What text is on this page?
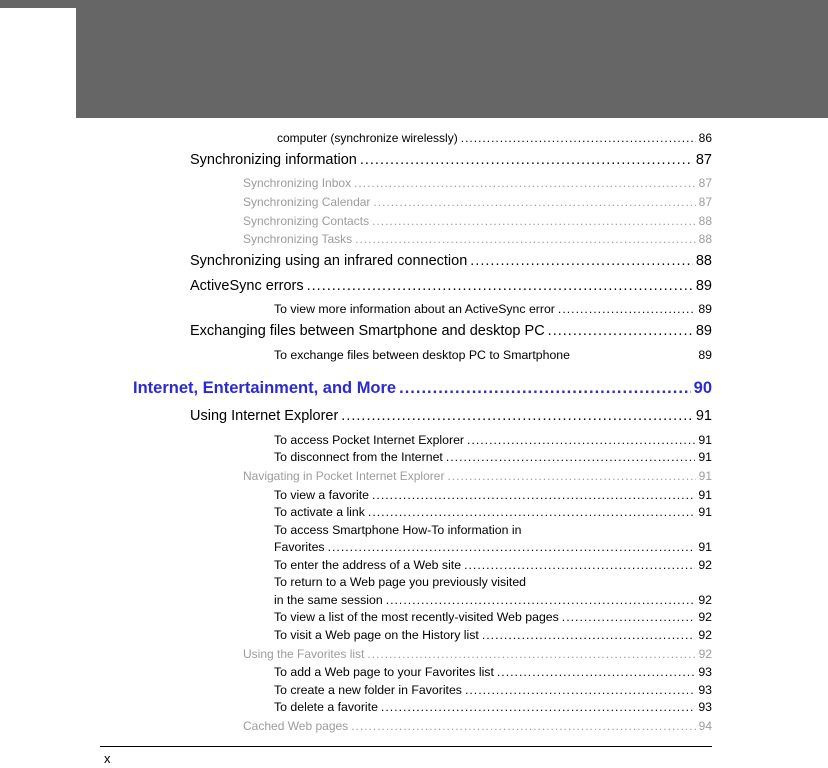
computer (synchronize wirelessly) .....	86
Synchronizing information .....	87
Synchronizing Inbox .....	87
Synchronizing Calendar .....	87
Synchronizing Contacts .....	88
Synchronizing Tasks .....	88
Synchronizing using an infrared connection .....	88
ActiveSync errors .....	89
To view more information about an ActiveSync error .....	89
Exchanging files between Smartphone and desktop PC .....	89
To exchange files between desktop PC to Smartphone	89
Internet, Entertainment, and More .....	90
Using Internet Explorer .....	91
To access Pocket Internet Explorer .....	91
To disconnect from the Internet .....	91
Navigating in Pocket Internet Explorer .....	91
To view a favorite .....	91
To activate a link .....	91
To access Smartphone How-To information in
Favorites .....	91
To enter the address of a Web site .....	92
To return to a Web page you previously visited
in the same session .....	92
To view a list of the most recently-visited Web pages .....	92
To visit a Web page on the History list .....	92
Using the Favorites list .....	92
To add a Web page to your Favorites list .....	93
To create a new folder in Favorites .....	93
To delete a favorite .....	93
Cached Web pages .....	94
x
